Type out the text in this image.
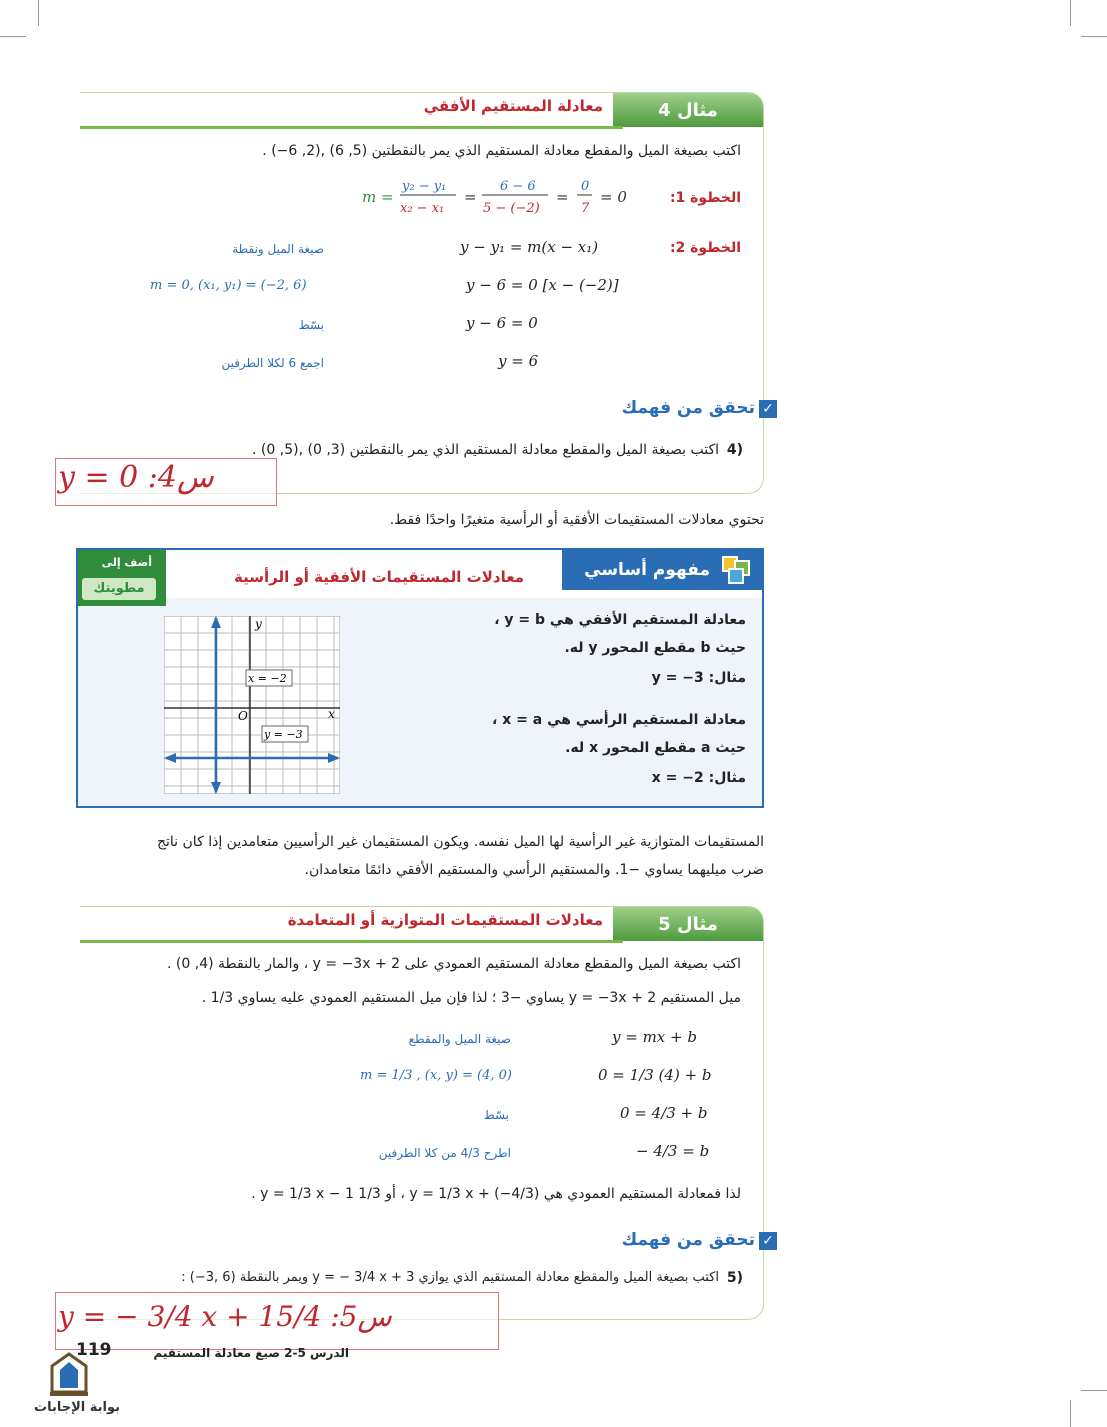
مثال 4
معادلة المستقيم الأفقي
اكتب بصيغة الميل والمقطع معادلة المستقيم الذي يمر بالنقطتين (5, 6) ,(2, 6−) .
الخطوة 1:
m =
y₂ − y₁
x₂ − x₁
=
6 − 6
5 − (−2)
=
0
7
= 0
الخطوة 2:
y − y₁ = m(x − x₁)
صيغة الميل ونقطة
y − 6 = 0 [x − (−2)]
m = 0, (x₁, y₁) = (−2, 6)
y − 6 = 0
بسّط
y = 6
اجمع 6 لكلا الطرفين
✓تحقق من فهمك
4)
اكتب بصيغة الميل والمقطع معادلة المستقيم الذي يمر بالنقطتين (3, 0) ,(5, 0) .
y = 0 :4س
تحتوي معادلات المستقيمات الأفقية أو الرأسية متغيرًا واحدًا فقط.
مفهوم أساسي
معادلات المستقيمات الأفقية أو الرأسية
أضف إلى
مطويتك
معادلة المستقيم الأفقي هي y = b ،
حيث b مقطع المحور y له.
مثال: y = −3
معادلة المستقيم الرأسي هي x = a ،
حيث a مقطع المحور x له.
مثال: x = −2
y
x
O
x = −2
y = −3
المستقيمات المتوازية غير الرأسية لها الميل نفسه. ويكون المستقيمان غير الرأسيين متعامدين إذا كان ناتج
ضرب ميليهما يساوي −1. والمستقيم الرأسي والمستقيم الأفقي دائمًا متعامدان.
مثال 5
معادلات المستقيمات المتوازية أو المتعامدة
اكتب بصيغة الميل والمقطع معادلة المستقيم العمودي على y = −3x + 2 ، والمار بالنقطة (4, 0) .
ميل المستقيم y = −3x + 2 يساوي −3 ؛ لذا فإن ميل المستقيم العمودي عليه يساوي 1/3 .
y = mx + b
صيغة الميل والمقطع
0 = 1/3 (4) + b
m = 1/3 , (x, y) = (4, 0)
0 = 4/3 + b
بسّط
− 4/3 = b
اطرح 4/3 من كلا الطرفين
لذا فمعادلة المستقيم العمودي هي y = 1/3 x + (−4/3) ، أو y = 1/3 x − 1 1/3 .
✓تحقق من فهمك
5)
اكتب بصيغة الميل والمقطع معادلة المستقيم الذي يوازي y = − 3/4 x + 3 ويمر بالنقطة (6 ,3−) :
y = − 3/4 x + 15/4 :5س
119	الدرس 5-2 صيغ معادلة المستقيم
بوابة الإجابات
